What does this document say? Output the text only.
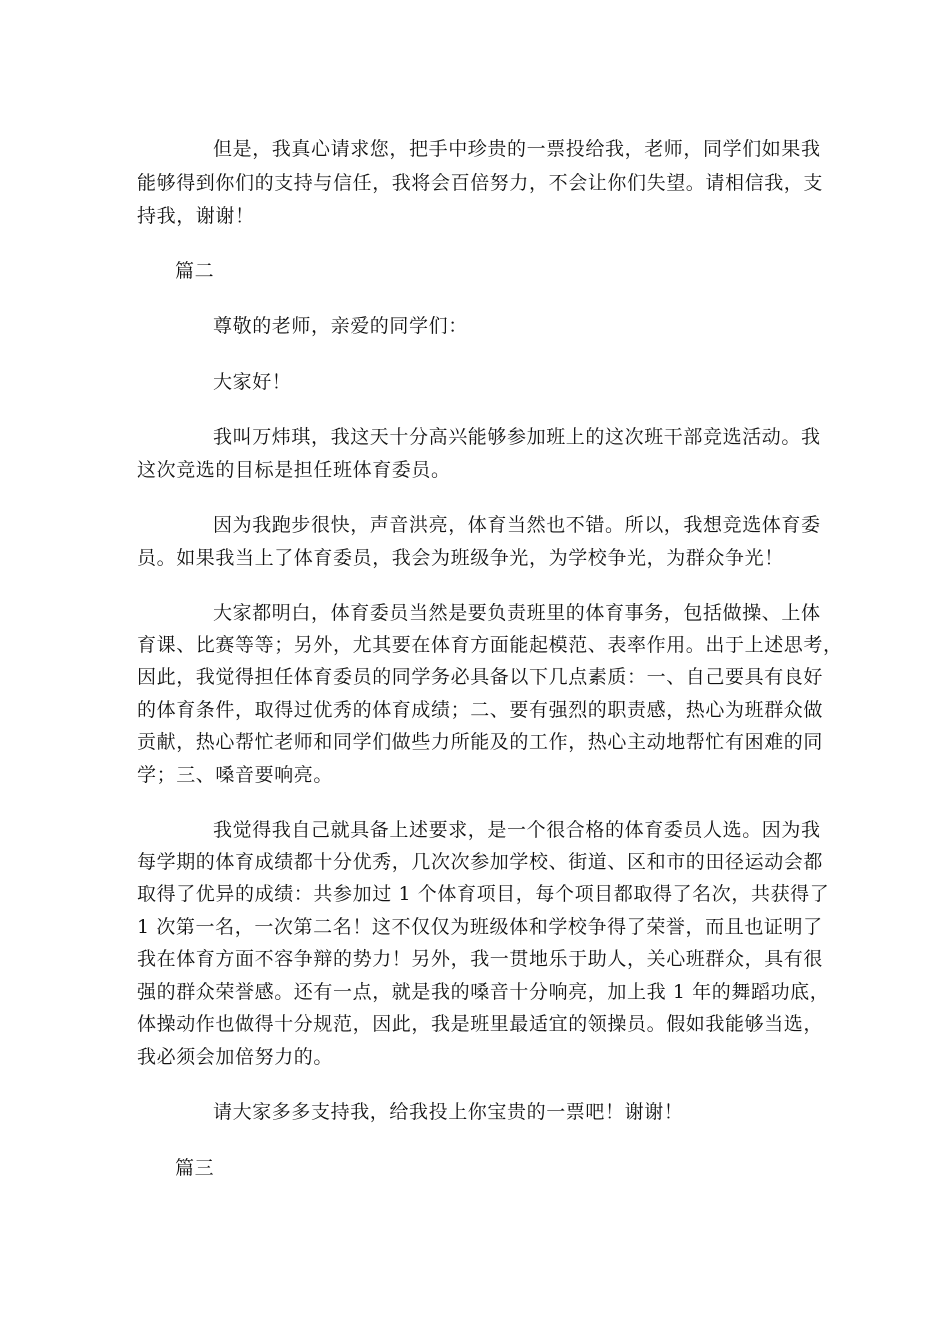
但是，我真心请求您，把手中珍贵的一票投给我，老师，同学们如果我
能够得到你们的支持与信任，我将会百倍努力，不会让你们失望。请相信我，支
持我，谢谢！
篇二
尊敬的老师，亲爱的同学们：
大家好！
我叫万炜琪，我这天十分高兴能够参加班上的这次班干部竞选活动。我
这次竞选的目标是担任班体育委员。
因为我跑步很快，声音洪亮，体育当然也不错。所以，我想竞选体育委
员。如果我当上了体育委员，我会为班级争光，为学校争光，为群众争光！
大家都明白，体育委员当然是要负责班里的体育事务，包括做操、上体
育课、比赛等等；另外，尤其要在体育方面能起模范、表率作用。出于上述思考，
因此，我觉得担任体育委员的同学务必具备以下几点素质：一、自己要具有良好
的体育条件，取得过优秀的体育成绩；二、要有强烈的职责感，热心为班群众做
贡献，热心帮忙老师和同学们做些力所能及的工作，热心主动地帮忙有困难的同
学；三、嗓音要响亮。
我觉得我自己就具备上述要求，是一个很合格的体育委员人选。因为我
每学期的体育成绩都十分优秀，几次次参加学校、街道、区和市的田径运动会都
取得了优异的成绩：共参加过 1 个体育项目，每个项目都取得了名次，共获得了
1 次第一名，一次第二名！这不仅仅为班级体和学校争得了荣誉，而且也证明了
我在体育方面不容争辩的势力！另外，我一贯地乐于助人，关心班群众，具有很
强的群众荣誉感。还有一点，就是我的嗓音十分响亮，加上我 1 年的舞蹈功底，
体操动作也做得十分规范，因此，我是班里最适宜的领操员。假如我能够当选，
我必须会加倍努力的。
请大家多多支持我，给我投上你宝贵的一票吧！谢谢！
篇三
